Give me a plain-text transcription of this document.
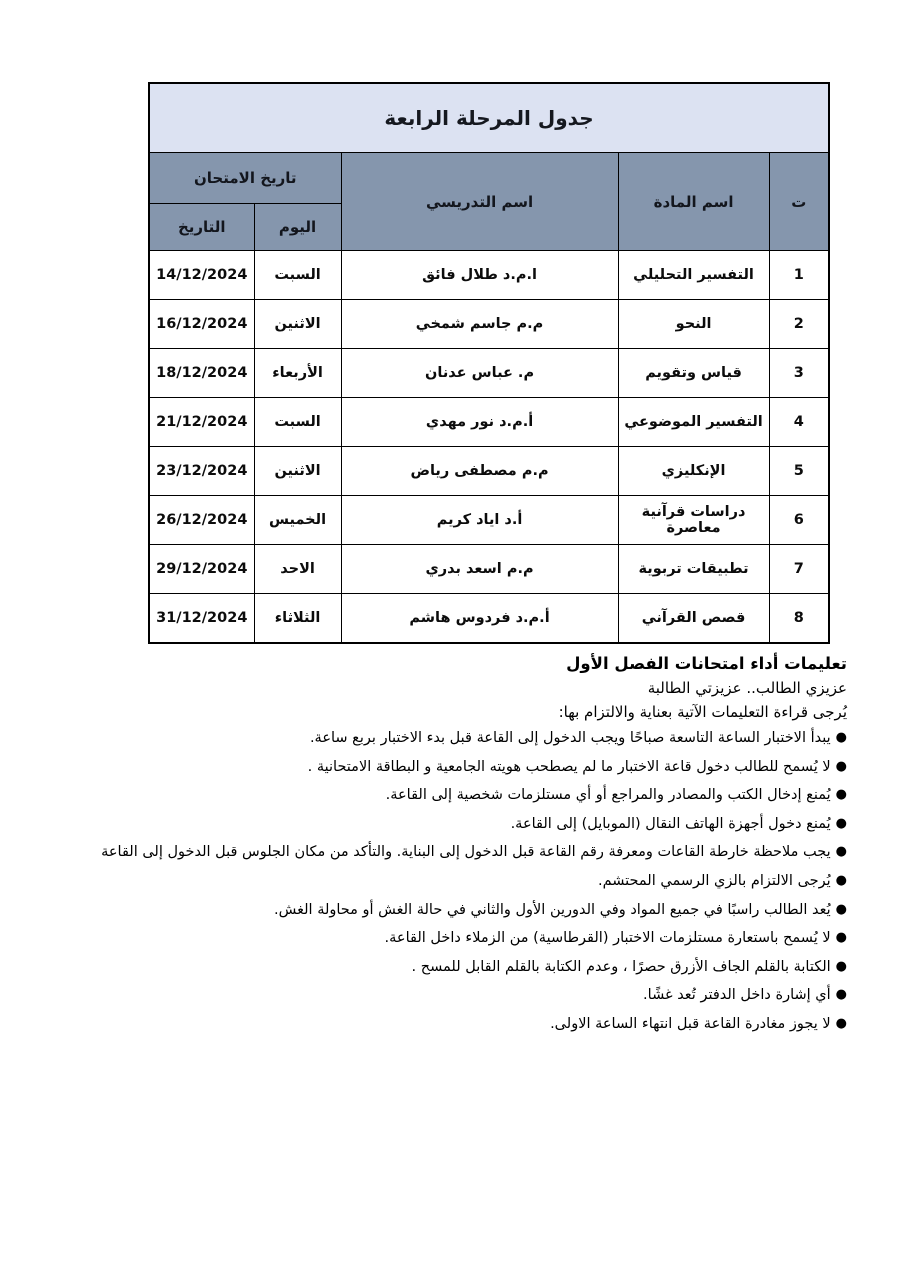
جدول المرحلة الرابعة				
ت	اسم المادة	اسم التدريسي	تاريخ الامتحان	
			اليوم	التاريخ
1	التفسير التحليلي	ا.م.د طلال فائق	السبت	14/12/2024
2	النحو	م.م جاسم شمخي	الاثنين	16/12/2024
3	قياس وتقويم	م. عباس عدنان	الأربعاء	18/12/2024
4	التفسير الموضوعي	أ.م.د نور مهدي	السبت	21/12/2024
5	الإنكليزي	م.م مصطفى رياض	الاثنين	23/12/2024
6	دراسات قرآنية معاصرة	أ.د اياد كريم	الخميس	26/12/2024
7	تطبيقات تربوية	م.م اسعد بدري	الاحد	29/12/2024
8	قصص القرآني	أ.م.د فردوس هاشم	الثلاثاء	31/12/2024
تعليمات أداء امتحانات الفصل الأول
عزيزي الطالب.. عزيزتي الطالبة
يُرجى قراءة التعليمات الآتية بعناية والالتزام بها:
●يبدأ الاختبار الساعة التاسعة صباحًا ويجب الدخول إلى القاعة قبل بدء الاختبار بربع ساعة.
●لا يُسمح للطالب دخول قاعة الاختبار ما لم يصطحب هويته الجامعية و البطاقة الامتحانية .
●يُمنع إدخال الكتب والمصادر والمراجع أو أي مستلزمات شخصية إلى القاعة.
●يُمنع دخول أجهزة الهاتف النقال (الموبايل) إلى القاعة.
●يجب ملاحظة خارطة القاعات ومعرفة رقم القاعة قبل الدخول إلى البناية. والتأكد من مكان الجلوس قبل الدخول إلى القاعة
●يُرجى الالتزام بالزي الرسمي المحتشم.
●يُعد الطالب راسبًا في جميع المواد وفي الدورين الأول والثاني في حالة الغش أو محاولة الغش.
●لا يُسمح باستعارة مستلزمات الاختبار (القرطاسية) من الزملاء داخل القاعة.
●الكتابة بالقلم الجاف الأزرق حصرًا ، وعدم الكتابة بالقلم القابل للمسح .
●أي إشارة داخل الدفتر تُعد غشًا.
●لا يجوز مغادرة القاعة قبل انتهاء الساعة الاولى.
